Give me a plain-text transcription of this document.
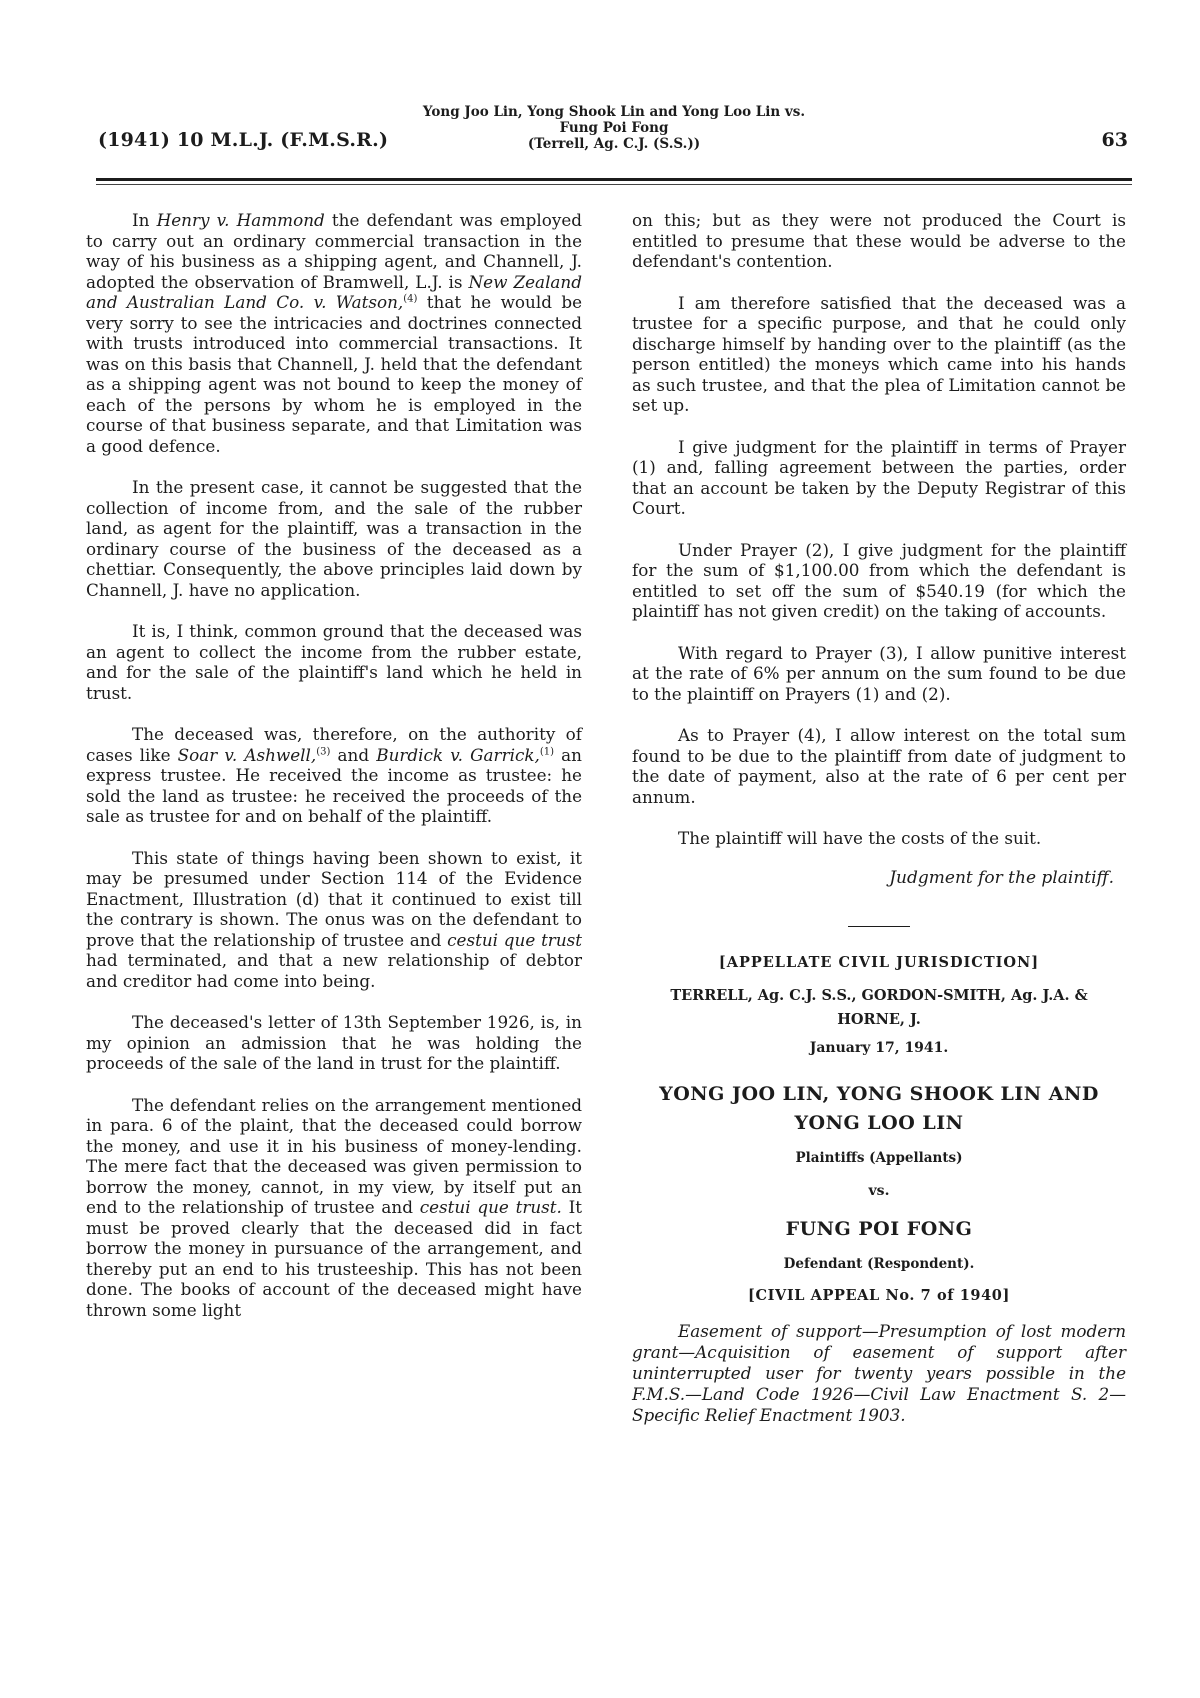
(1941) 10 M.L.J. (F.M.S.R.)
Yong Joo Lin, Yong Shook Lin and Yong Loo Lin vs.
Fung Poi Fong
(Terrell, Ag. C.J. (S.S.))	63

In Henry v. Hammond the defendant was employed to carry out an ordinary commercial transaction in the way of his business as a shipping agent, and Channell, J. adopted the observation of Bramwell, L.J. is New Zealand and Australian Land Co. v. Watson,$^{(4)}$ that he would be very sorry to see the intricacies and doctrines connected with trusts introduced into commercial transactions. It was on this basis that Channell, J. held that the defendant as a shipping agent was not bound to keep the money of each of the persons by whom he is employed in the course of that business separate, and that Limitation was a good defence.

In the present case, it cannot be suggested that the collection of income from, and the sale of the rubber land, as agent for the plaintiff, was a transaction in the ordinary course of the business of the deceased as a chettiar. Consequently, the above principles laid down by Channell, J. have no application.

It is, I think, common ground that the deceased was an agent to collect the income from the rubber estate, and for the sale of the plaintiff's land which he held in trust.

The deceased was, therefore, on the authority of cases like Soar v. Ashwell,$^{(3)}$ and Burdick v. Garrick,$^{(1)}$ an express trustee. He received the income as trustee: he sold the land as trustee: he received the proceeds of the sale as trustee for and on behalf of the plaintiff.

This state of things having been shown to exist, it may be presumed under Section 114 of the Evidence Enactment, Illustration (d) that it continued to exist till the contrary is shown. The onus was on the defendant to prove that the relationship of trustee and cestui que trust had terminated, and that a new relationship of debtor and creditor had come into being.

The deceased's letter of 13th September 1926, is, in my opinion an admission that he was holding the proceeds of the sale of the land in trust for the plaintiff.

The defendant relies on the arrangement mentioned in para. 6 of the plaint, that the deceased could borrow the money, and use it in his business of money-lending. The mere fact that the deceased was given permission to borrow the money, cannot, in my view, by itself put an end to the relationship of trustee and cestui que trust. It must be proved clearly that the deceased did in fact borrow the money in pursuance of the arrangement, and thereby put an end to his trusteeship. This has not been done. The books of account of the deceased might have thrown some light

on this; but as they were not produced the Court is entitled to presume that these would be adverse to the defendant's contention.

I am therefore satisfied that the deceased was a trustee for a specific purpose, and that he could only discharge himself by handing over to the plaintiff (as the person entitled) the moneys which came into his hands as such trustee, and that the plea of Limitation cannot be set up.

I give judgment for the plaintiff in terms of Prayer (1) and, falling agreement between the parties, order that an account be taken by the Deputy Registrar of this Court.

Under Prayer (2), I give judgment for the plaintiff for the sum of $1,100.00 from which the defendant is entitled to set off the sum of $540.19 (for which the plaintiff has not given credit) on the taking of accounts.

With regard to Prayer (3), I allow punitive interest at the rate of 6% per annum on the sum found to be due to the plaintiff on Prayers (1) and (2).

As to Prayer (4), I allow interest on the total sum found to be due to the plaintiff from date of judgment to the date of payment, also at the rate of 6 per cent per annum.

The plaintiff will have the costs of the suit.

Judgment for the plaintiff.
[APPELLATE CIVIL JURISDICTION]
TERRELL, Ag. C.J. S.S., GORDON-SMITH, Ag. J.A. &
HORNE, J.
January 17, 1941.
YONG JOO LIN, YONG SHOOK LIN AND
YONG LOO LIN
Plaintiffs (Appellants)
vs.
FUNG POI FONG
Defendant (Respondent).
[CIVIL APPEAL No. 7 of 1940]

Easement of support—Presumption of lost modern grant—Acquisition of easement of support after uninterrupted user for twenty years possible in the F.M.S.—Land Code 1926—Civil Law Enactment S. 2—Specific Relief Enactment 1903.
